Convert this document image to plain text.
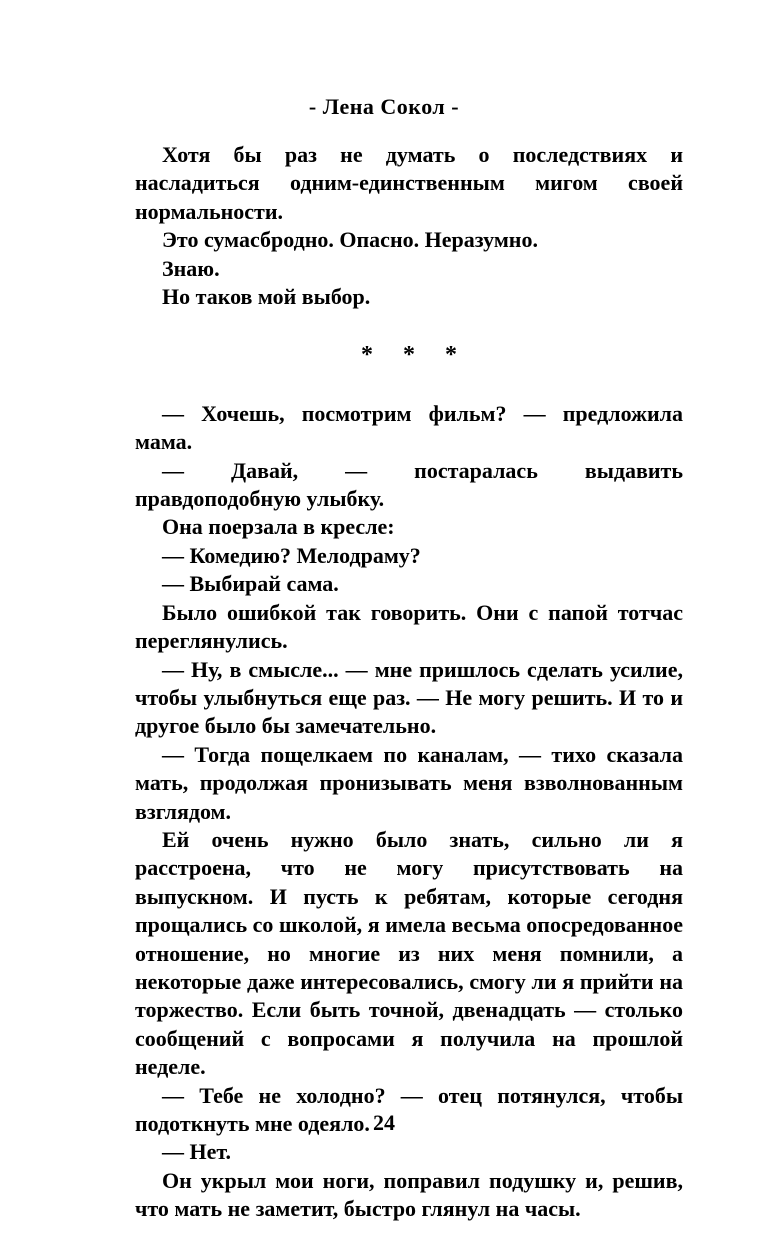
- Лена Сокол -

Хотя бы раз не думать о последствиях и насладиться одним-единственным мигом своей нормальности.

Это сумасбродно. Опасно. Неразумно.

Знаю.

Но таков мой выбор.

* * *

— Хочешь, посмотрим фильм? — предложила мама.

— Давай, — постаралась выдавить правдоподобную улыбку.

Она поерзала в кресле:

— Комедию? Мелодраму?

— Выбирай сама.

Было ошибкой так говорить. Они с папой тотчас переглянулись.

— Ну, в смысле... — мне пришлось сделать усилие, чтобы улыбнуться еще раз. — Не могу решить. И то и другое было бы замечательно.

— Тогда пощелкаем по каналам, — тихо сказала мать, продолжая пронизывать меня взволнованным взглядом.

Ей очень нужно было знать, сильно ли я расстроена, что не могу присутствовать на выпускном. И пусть к ребятам, которые сегодня прощались со школой, я имела весьма опосредованное отношение, но многие из них меня помнили, а некоторые даже интересовались, смогу ли я прийти на торжество. Если быть точной, двенадцать — столько сообщений с вопросами я получила на прошлой неделе.

— Тебе не холодно? — отец потянулся, чтобы подоткнуть мне одеяло.

— Нет.

Он укрыл мои ноги, поправил подушку и, решив, что мать не заметит, быстро глянул на часы.

24
